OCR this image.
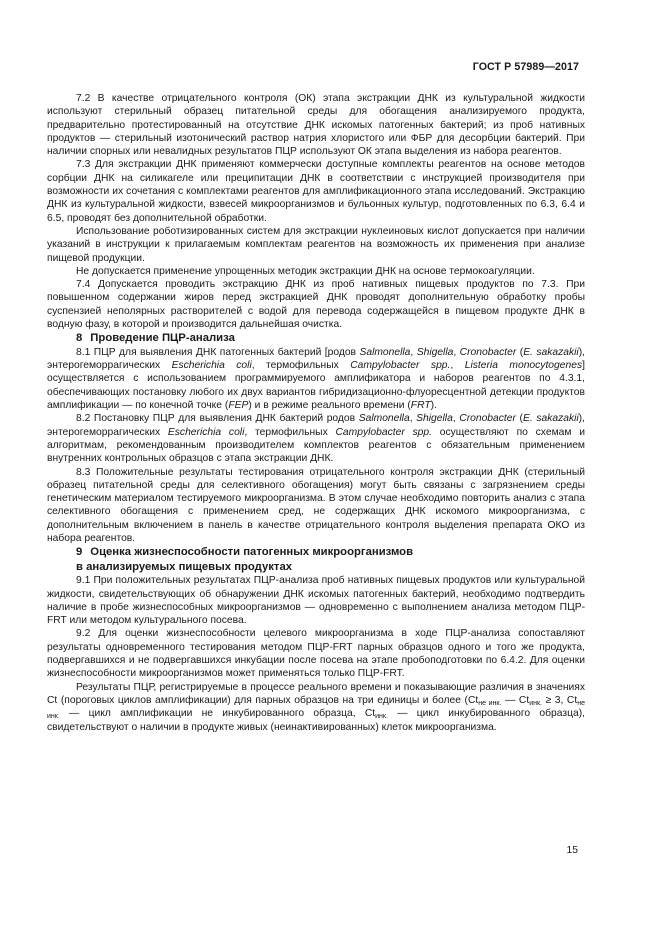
ГОСТ Р 57989—2017

7.2 В качестве отрицательного контроля (ОК) этапа экстракции ДНК из культуральной жидкости используют стерильный образец питательной среды для обогащения анализируемого продукта, предварительно протестированный на отсутствие ДНК искомых патогенных бактерий; из проб нативных продуктов — стерильный изотонический раствор натрия хлористого или ФБР для десорбции бактерий. При наличии спорных или невалидных результатов ПЦР используют ОК этапа выделения из набора реагентов.

7.3 Для экстракции ДНК применяют коммерчески доступные комплекты реагентов на основе методов сорбции ДНК на силикагеле или преципитации ДНК в соответствии с инструкцией производителя при возможности их сочетания с комплектами реагентов для амплификационного этапа исследований. Экстракцию ДНК из культуральной жидкости, взвесей микроорганизмов и бульонных культур, подготовленных по 6.3, 6.4 и 6.5, проводят без дополнительной обработки.

Использование роботизированных систем для экстракции нуклеиновых кислот допускается при наличии указаний в инструкции к прилагаемым комплектам реагентов на возможность их применения при анализе пищевой продукции.

Не допускается применение упрощенных методик экстракции ДНК на основе термокоагуляции.

7.4 Допускается проводить экстракцию ДНК из проб нативных пищевых продуктов по 7.3. При повышенном содержании жиров перед экстракцией ДНК проводят дополнительную обработку пробы суспензией неполярных растворителей с водой для перевода содержащейся в пищевом продукте ДНК в водную фазу, в которой и производится дальнейшая очистка.

8 Проведение ПЦР-анализа

8.1 ПЦР для выявления ДНК патогенных бактерий [родов Salmonella, Shigella, Cronobacter (E. sakazakii), энтерогеморрагических Escherichia coli, термофильных Campylobacter spp., Listeria monocytogenes] осуществляется с использованием программируемого амплификатора и наборов реагентов по 4.3.1, обеспечивающих постановку любого их двух вариантов гибридизационно-флуоресцентной детекции продуктов амплификации — по конечной точке (FEP) и в режиме реального времени (FRT).

8.2 Постановку ПЦР для выявления ДНК бактерий родов Salmonella, Shigella, Cronobacter (E. sakazakii), энтерогеморрагических Escherichia coli, термофильных Campylobacter spp. осуществляют по схемам и алгоритмам, рекомендованным производителем комплектов реагентов с обязательным применением внутренних контрольных образцов с этапа экстракции ДНК.

8.3 Положительные результаты тестирования отрицательного контроля экстракции ДНК (стерильный образец питательной среды для селективного обогащения) могут быть связаны с загрязнением среды генетическим материалом тестируемого микроорганизма. В этом случае необходимо повторить анализ с этапа селективного обогащения с применением сред, не содержащих ДНК искомого микроорганизма, с дополнительным включением в панель в качестве отрицательного контроля выделения препарата ОКО из набора реагентов.

9 Оценка жизнеспособности патогенных микроорганизмов
в анализируемых пищевых продуктах

9.1 При положительных результатах ПЦР-анализа проб нативных пищевых продуктов или культуральной жидкости, свидетельствующих об обнаружении ДНК искомых патогенных бактерий, необходимо подтвердить наличие в пробе жизнеспособных микроорганизмов — одновременно с выполнением анализа методом ПЦР-FRT или методом культурального посева.

9.2 Для оценки жизнеспособности целевого микроорганизма в ходе ПЦР-анализа сопоставляют результаты одновременного тестирования методом ПЦР-FRT парных образцов одного и того же продукта, подвергавшихся и не подвергавшихся инкубации после посева на этапе пробоподготовки по 6.4.2. Для оценки жизнеспособности микроорганизмов может применяться только ПЦР-FRT.

Результаты ПЦР, регистрируемые в процессе реального времени и показывающие различия в значениях Ct (пороговых циклов амплификации) для парных образцов на три единицы и более ($Ct_{не инк.}$ — $Ct_{инк.} \ge 3$, $Ct_{не инк.}$ — цикл амплификации не инкубированного образца, $Ct_{инк.}$ — цикл инкубированного образца), свидетельствуют о наличии в продукте живых (неинактивированных) клеток микроорганизма.

15
